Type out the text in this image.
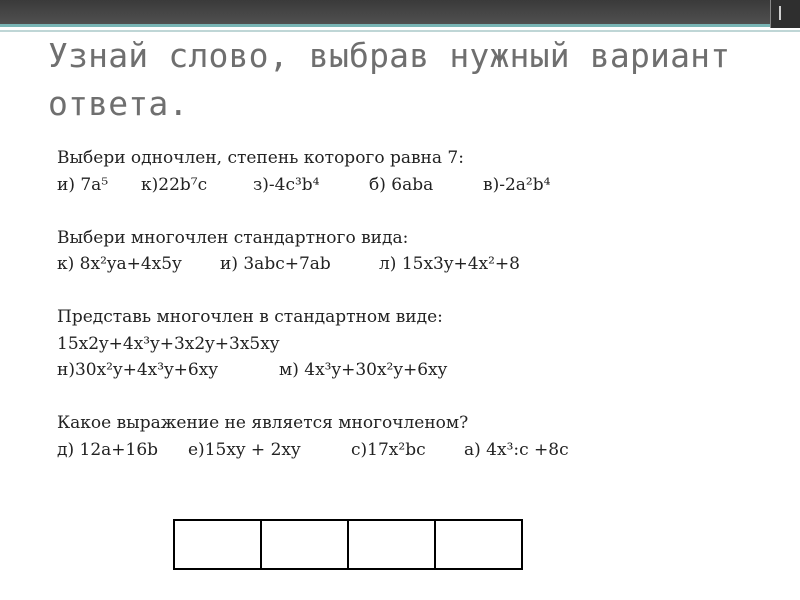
Узнай слово, выбрав нужный вариант ответа.
Выбери одночлен, степень которого равна 7:
и) 7a⁵ к)22b⁷c	з)-4c³b⁴	б) 6aba	в)-2a²b⁴
Выбери многочлен стандартного вида:
к) 8x²ya+4x5y и) 3abc+7ab	л) 15x3y+4x²+8
Представь многочлен в стандартном виде:
15x2y+4x³y+3x2y+3x5xy
н)30x²y+4x³y+6xy	м) 4x³y+30x²y+6xy
Какое выражение не является многочленом?
д) 12a+16b е)15xy + 2xy	с)17x²bc а) 4x³:c +8c
